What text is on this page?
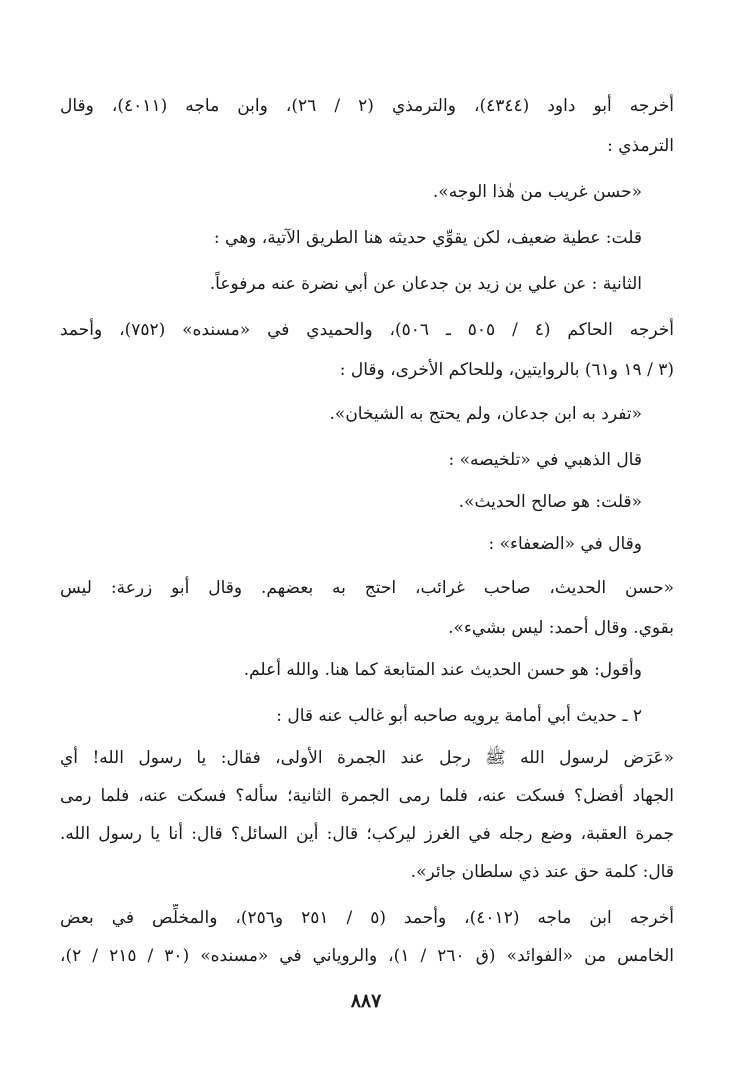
أخرجه أبو داود (٤٣٤٤)، والترمذي (٢ / ٢٦)، وابن ماجه (٤٠١١)، وقال
الترمذي :
«حسن غريب من هٰذا الوجه».
قلت: عطية ضعيف، لكن يقوِّي حديثه هنا الطريق الآتية، وهي :
الثانية : عن علي بن زيد بن جدعان عن أبي نضرة عنه مرفوعاً.
أخرجه الحاكم (٤ / ٥٠٥ ـ ٥٠٦)، والحميدي في «مسنده» (٧٥٢)، وأحمد
(٣ / ١٩ و٦١) بالروايتين، وللحاكم الأخرى، وقال :
«تفرد به ابن جدعان، ولم يحتج به الشيخان».
قال الذهبي في «تلخيصه» :
«قلت: هو صالح الحديث».
وقال في «الضعفاء» :
«حسن الحديث، صاحب غرائب، احتج به بعضهم. وقال أبو زرعة: ليس
بقوي. وقال أحمد: ليس بشيء».
وأقول: هو حسن الحديث عند المتابعة كما هنا. والله أعلم.
٢ ـ حديث أبي أمامة يرويه صاحبه أبو غالب عنه قال :
«عَرَض لرسول الله ﷺ رجل عند الجمرة الأولى، فقال: يا رسول الله! أي
الجهاد أفضل؟ فسكت عنه، فلما رمى الجمرة الثانية؛ سأله؟ فسكت عنه، فلما رمى
جمرة العقبة، وضع رجله في الغرز ليركب؛ قال: أين السائل؟ قال: أنا يا رسول الله.
قال: كلمة حق عند ذي سلطان جائر».
أخرجه ابن ماجه (٤٠١٢)، وأحمد (٥ / ٢٥١ و٢٥٦)، والمخلِّص في بعض
الخامس من «الفوائد» (ق ٢٦٠ / ١)، والروياني في «مسنده» (٣٠ / ٢١٥ / ٢)،
٨٨٧
